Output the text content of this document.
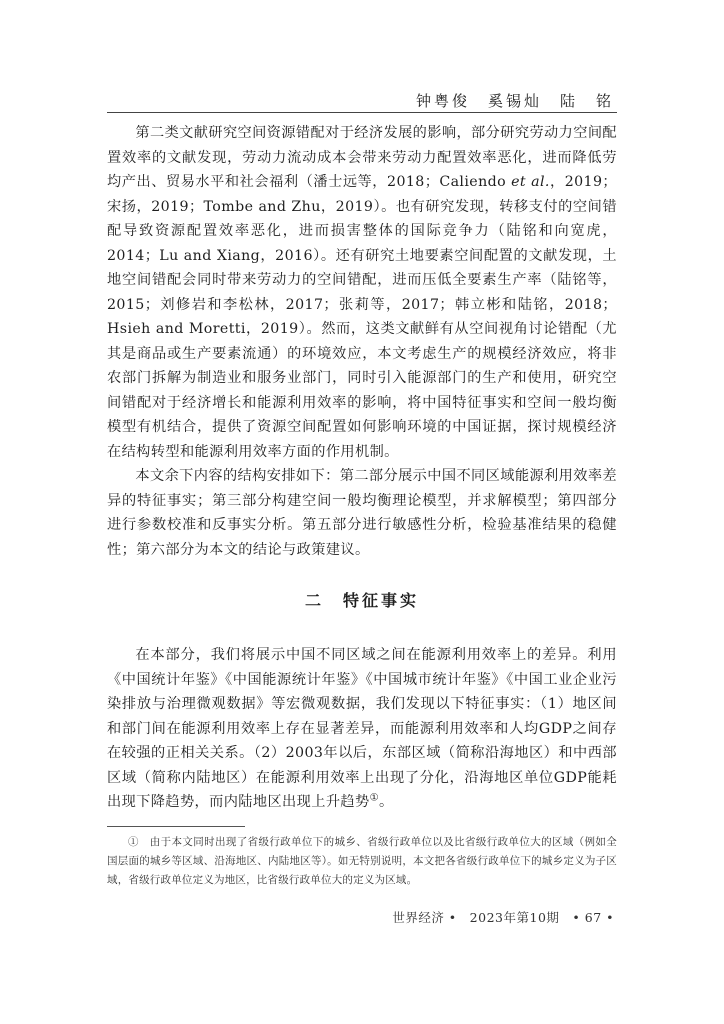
钟粤俊　奚锡灿　陆　铭

第二类文献研究空间资源错配对于经济发展的影响，部分研究劳动力空间配置效率的文献发现，劳动力流动成本会带来劳动力配置效率恶化，进而降低劳均产出、贸易水平和社会福利（潘士远等，2018；Caliendo et al.，2019；宋扬，2019；Tombe and Zhu，2019）。也有研究发现，转移支付的空间错配导致资源配置效率恶化，进而损害整体的国际竞争力（陆铭和向宽虎，2014；Lu and Xiang，2016）。还有研究土地要素空间配置的文献发现，土地空间错配会同时带来劳动力的空间错配，进而压低全要素生产率（陆铭等，2015；刘修岩和李松林，2017；张莉等，2017；韩立彬和陆铭，2018；Hsieh and Moretti，2019）。然而，这类文献鲜有从空间视角讨论错配（尤其是商品或生产要素流通）的环境效应，本文考虑生产的规模经济效应，将非农部门拆解为制造业和服务业部门，同时引入能源部门的生产和使用，研究空间错配对于经济增长和能源利用效率的影响，将中国特征事实和空间一般均衡模型有机结合，提供了资源空间配置如何影响环境的中国证据，探讨规模经济在结构转型和能源利用效率方面的作用机制。

本文余下内容的结构安排如下：第二部分展示中国不同区域能源利用效率差异的特征事实；第三部分构建空间一般均衡理论模型，并求解模型；第四部分进行参数校准和反事实分析。第五部分进行敏感性分析，检验基准结果的稳健性；第六部分为本文的结论与政策建议。

二　特征事实

在本部分，我们将展示中国不同区域之间在能源利用效率上的差异。利用《中国统计年鉴》《中国能源统计年鉴》《中国城市统计年鉴》《中国工业企业污染排放与治理微观数据》等宏微观数据，我们发现以下特征事实：（1）地区间和部门间在能源利用效率上存在显著差异，而能源利用效率和人均GDP之间存在较强的正相关关系。（2）2003年以后，东部区域（简称沿海地区）和中西部区域（简称内陆地区）在能源利用效率上出现了分化，沿海地区单位GDP能耗出现下降趋势，而内陆地区出现上升趋势①。

①　由于本文同时出现了省级行政单位下的城乡、省级行政单位以及比省级行政单位大的区域（例如全国层面的城乡等区域、沿海地区、内陆地区等）。如无特别说明，本文把各省级行政单位下的城乡定义为子区域，省级行政单位定义为地区，比省级行政单位大的定义为区域。
世界经济 •　2023年第10期　• 67 •
